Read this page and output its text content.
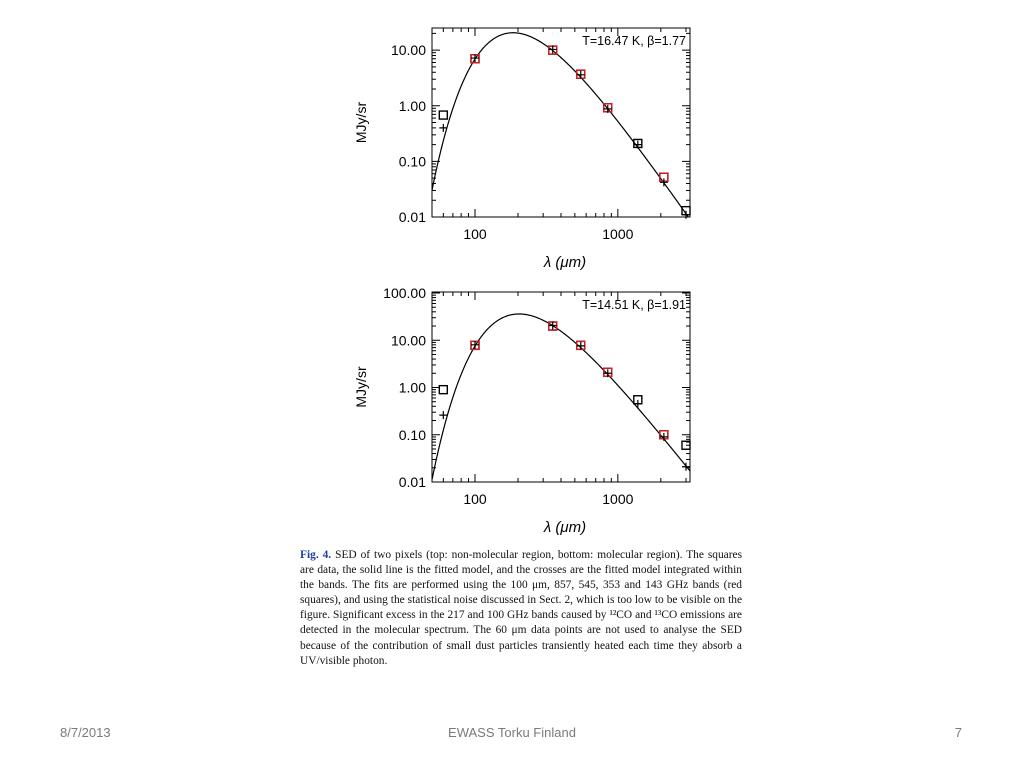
100	1000
10.00
1.00
0.10
0.01
λ (μm)
MJy/sr
T=16.47 K, β=1.77
100	1000
100.00
10.00
1.00
0.10
0.01
λ (μm)
MJy/sr
T=14.51 K, β=1.91
Fig. 4. SED of two pixels (top: non-molecular region, bottom: molecular region). The squares are data, the solid line is the fitted model, and the crosses are the fitted model integrated within the bands. The fits are performed using the 100 μm, 857, 545, 353 and 143 GHz bands (red squares), and using the statistical noise discussed in Sect. 2, which is too low to be visible on the figure. Significant excess in the 217 and 100 GHz bands caused by ¹²CO and ¹³CO emissions are detected in the molecular spectrum. The 60 μm data points are not used to analyse the SED because of the contribution of small dust particles transiently heated each time they absorb a UV/visible photon.
8/7/2013	EWASS Torku Finland	7
